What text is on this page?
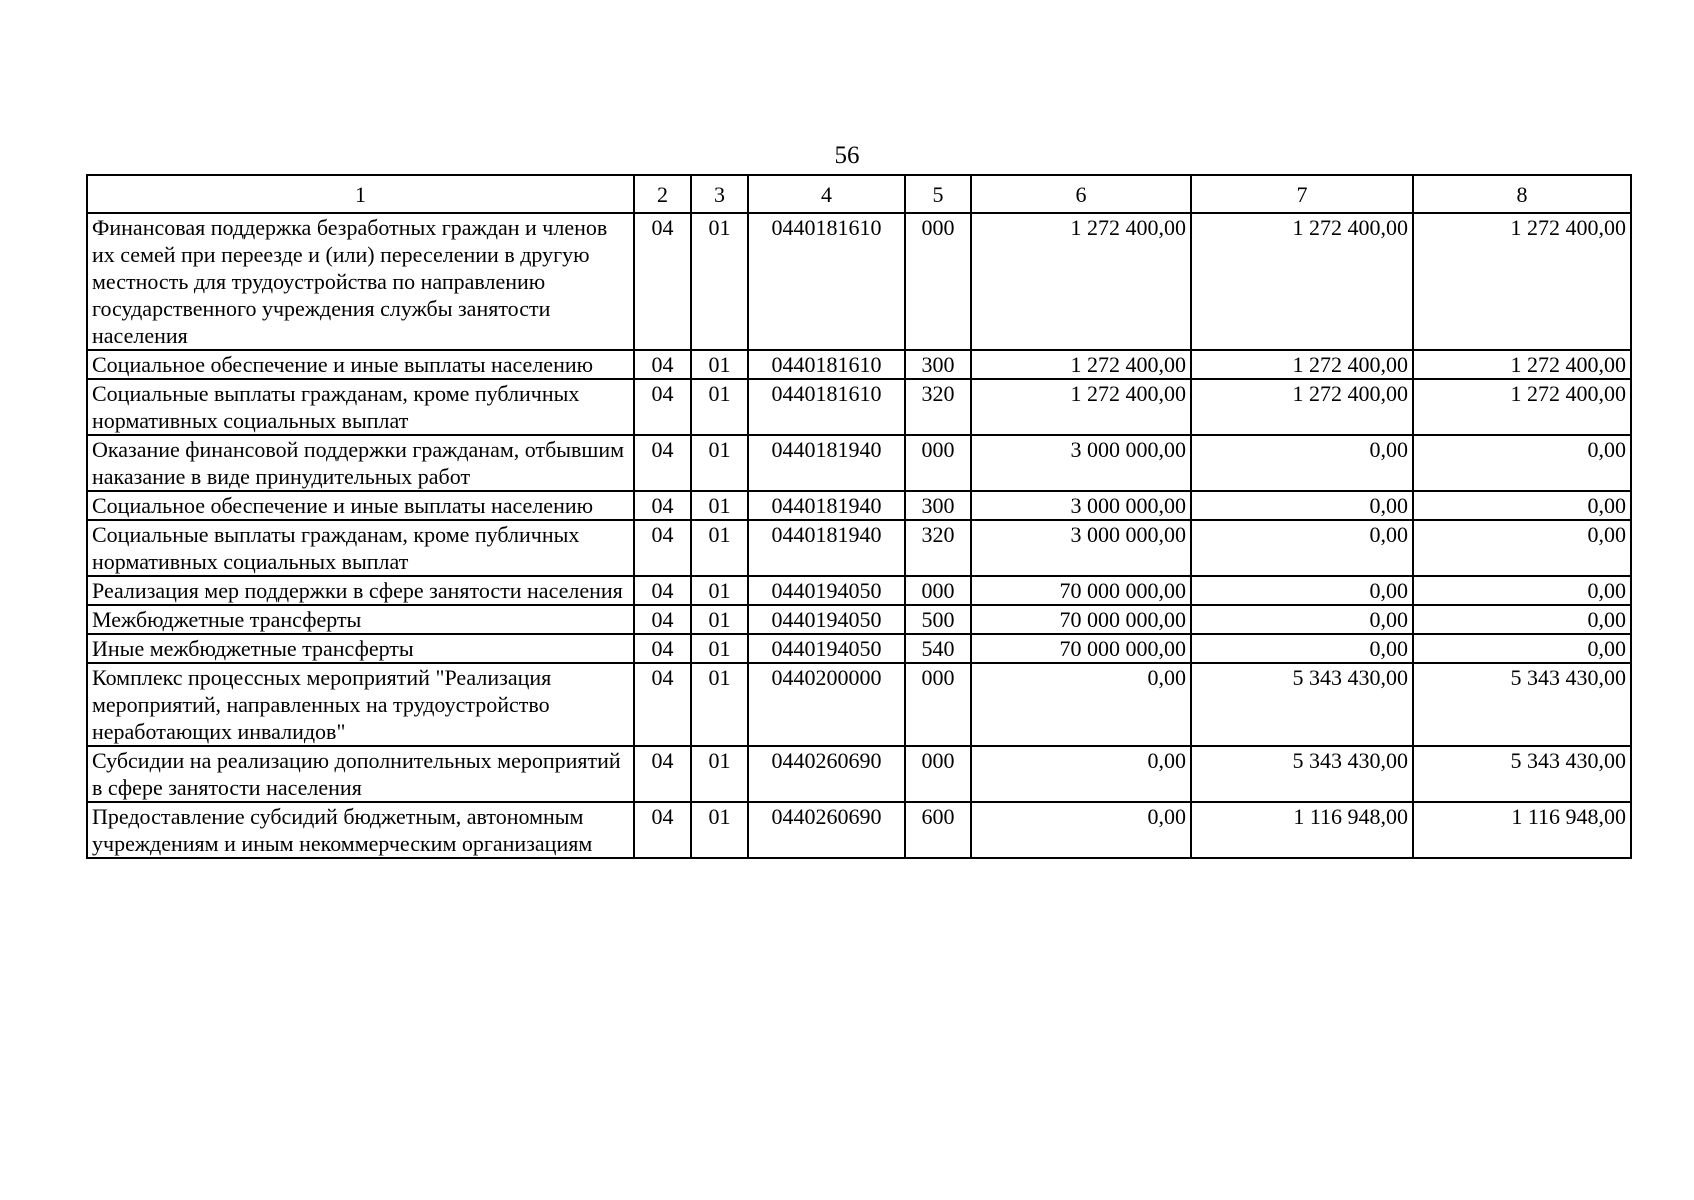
56
1	2	3	4	5	6	7	8
Финансовая поддержка безработных граждан и членов их семей при переезде и (или) переселении в другую местность для трудоустройства по направлению государственного учреждения службы занятости населения	04	01	0440181610	000	1 272 400,00	1 272 400,00	1 272 400,00
Социальное обеспечение и иные выплаты населению	04	01	0440181610	300	1 272 400,00	1 272 400,00	1 272 400,00
Социальные выплаты гражданам, кроме публичных нормативных социальных выплат	04	01	0440181610	320	1 272 400,00	1 272 400,00	1 272 400,00
Оказание финансовой поддержки гражданам, отбывшим наказание в виде принудительных работ	04	01	0440181940	000	3 000 000,00	0,00	0,00
Социальное обеспечение и иные выплаты населению	04	01	0440181940	300	3 000 000,00	0,00	0,00
Социальные выплаты гражданам, кроме публичных нормативных социальных выплат	04	01	0440181940	320	3 000 000,00	0,00	0,00
Реализация мер поддержки в сфере занятости населения	04	01	0440194050	000	70 000 000,00	0,00	0,00
Межбюджетные трансферты	04	01	0440194050	500	70 000 000,00	0,00	0,00
Иные межбюджетные трансферты	04	01	0440194050	540	70 000 000,00	0,00	0,00
Комплекс процессных мероприятий "Реализация мероприятий, направленных на трудоустройство неработающих инвалидов"	04	01	0440200000	000	0,00	5 343 430,00	5 343 430,00
Субсидии на реализацию дополнительных мероприятий в сфере занятости населения	04	01	0440260690	000	0,00	5 343 430,00	5 343 430,00
Предоставление субсидий бюджетным, автономным учреждениям и иным некоммерческим организациям	04	01	0440260690	600	0,00	1 116 948,00	1 116 948,00
